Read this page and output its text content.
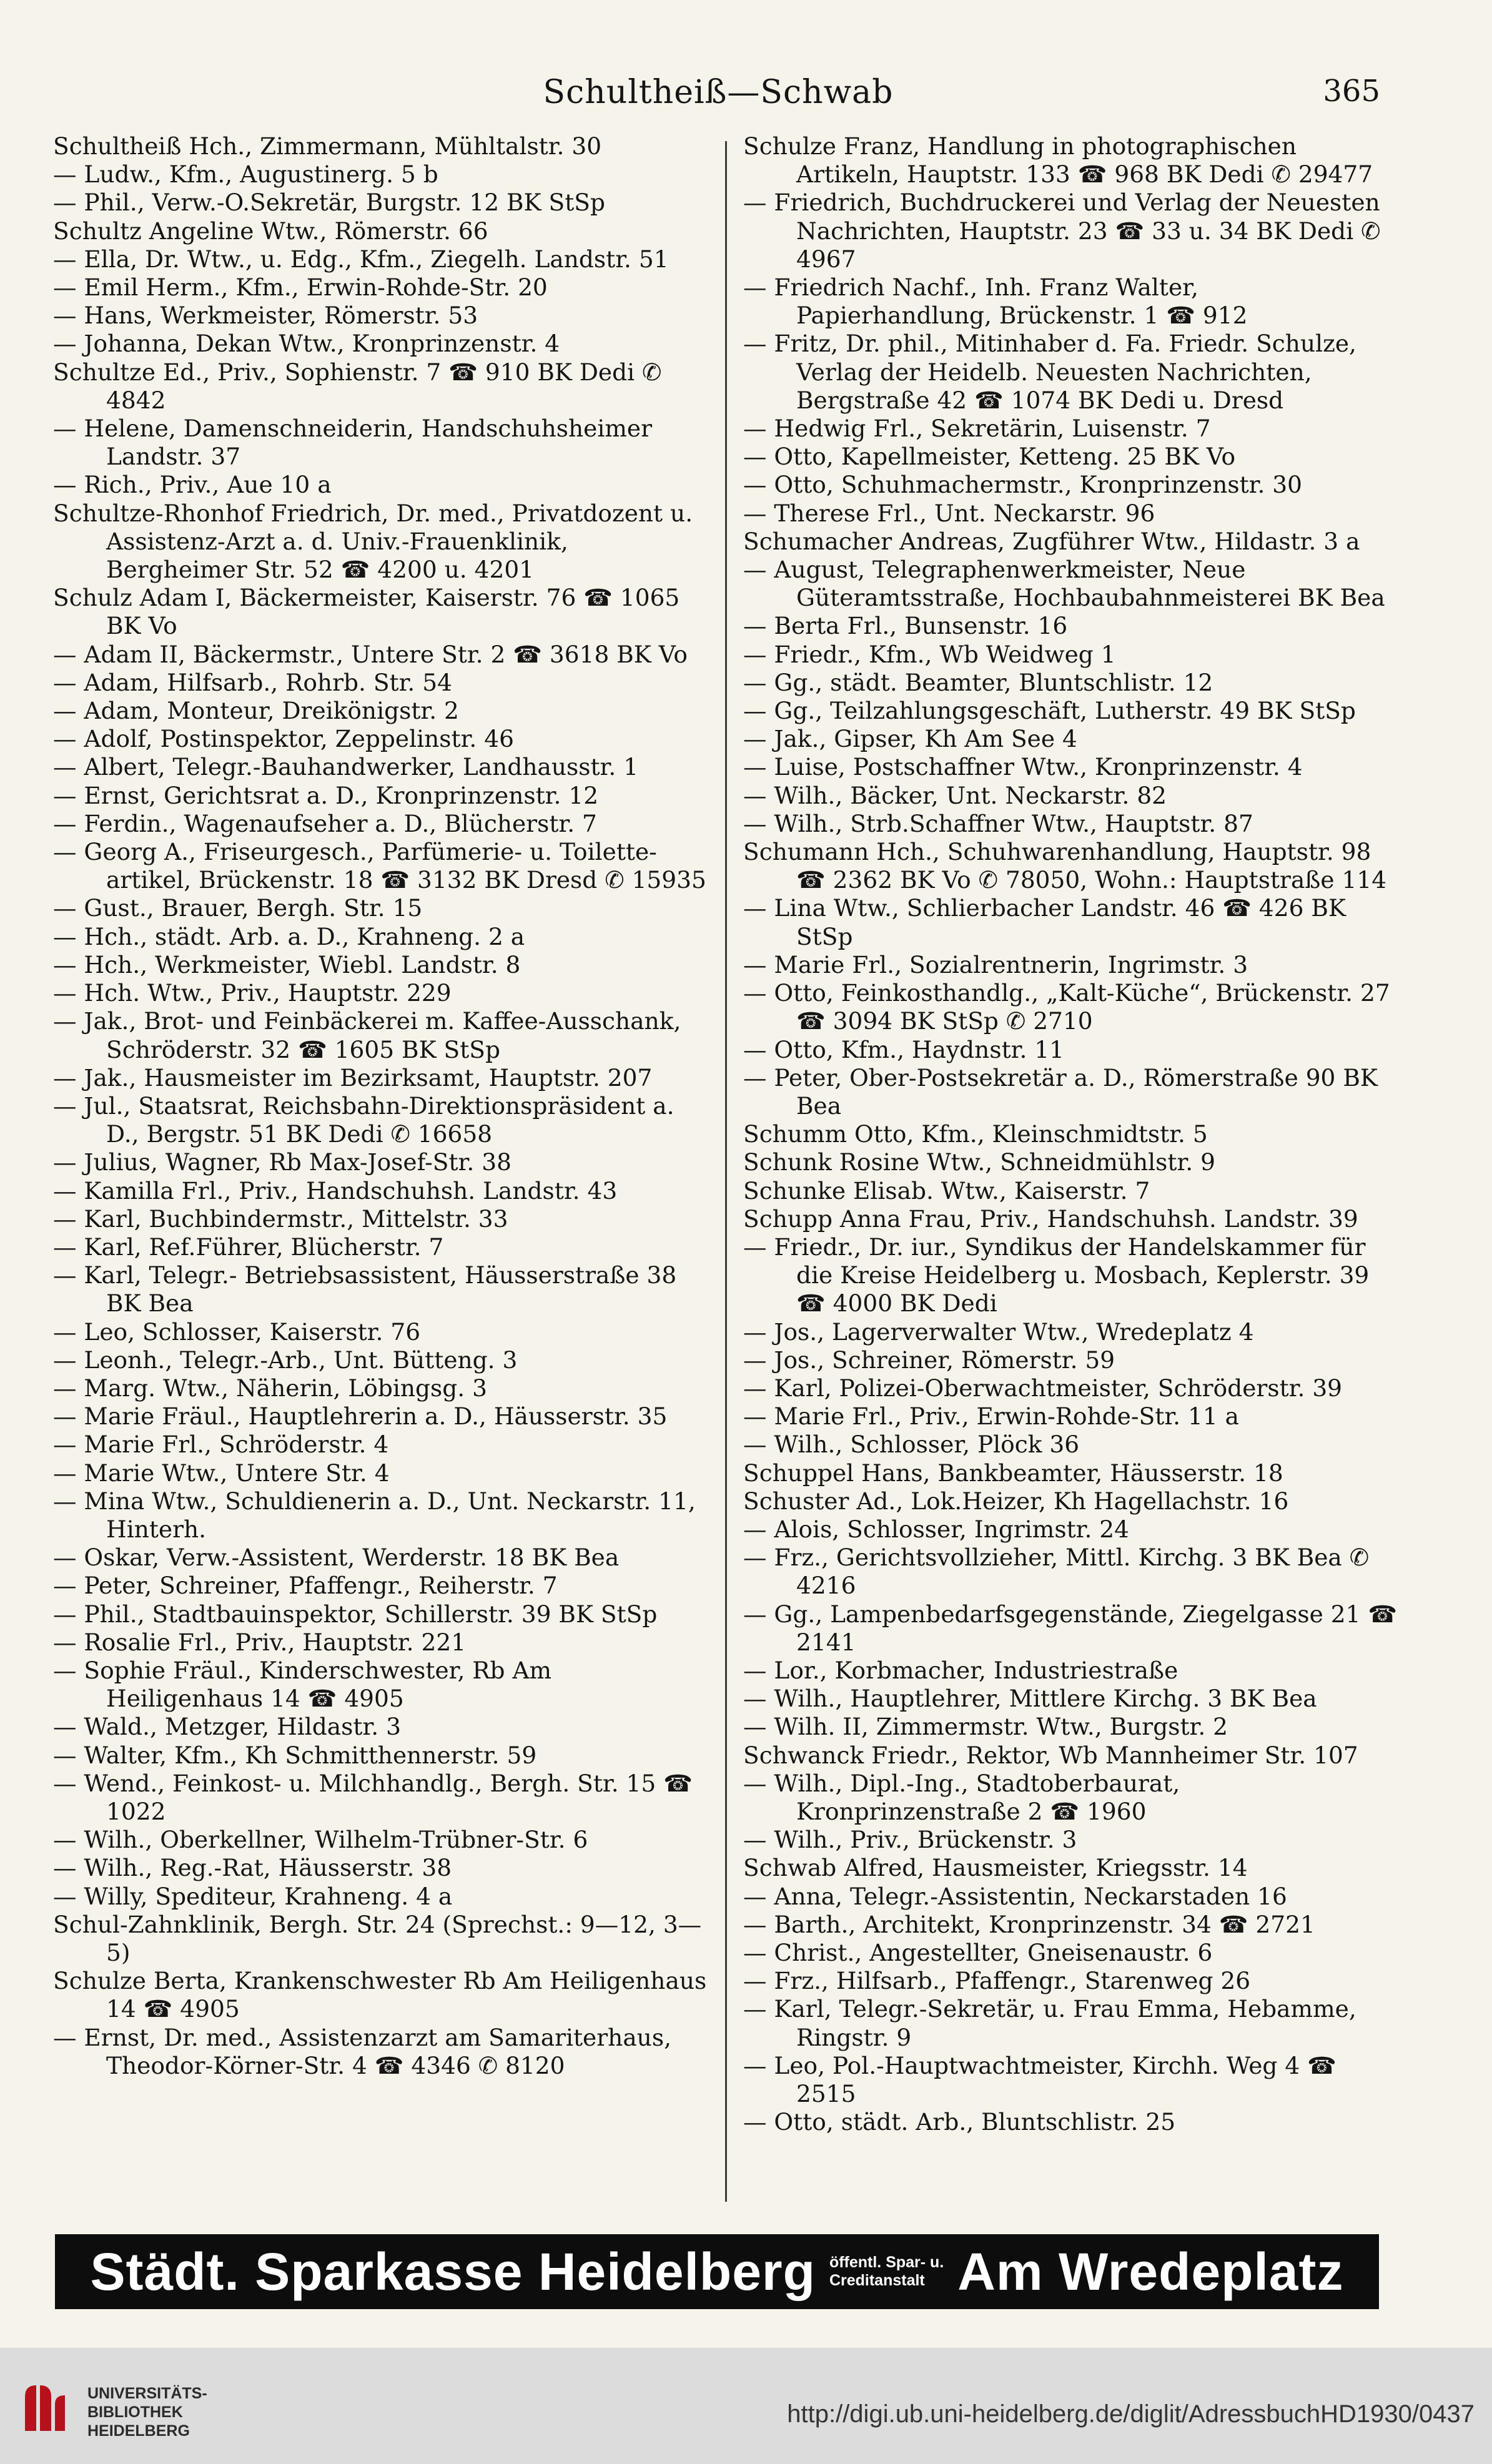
Schultheiß—Schwab	365
Schultheiß Hch., Zimmermann, Mühltalstr. 30
— Ludw., Kfm., Augustinerg. 5 b
— Phil., Verw.-O.Sekretär, Burgstr. 12 BK StSp
Schultz Angeline Wtw., Römerstr. 66
— Ella, Dr. Wtw., u. Edg., Kfm., Ziegelh. Landstr. 51
— Emil Herm., Kfm., Erwin-Rohde-Str. 20
— Hans, Werkmeister, Römerstr. 53
— Johanna, Dekan Wtw., Kronprinzenstr. 4
Schultze Ed., Priv., Sophienstr. 7 ☎ 910 BK Dedi ✆ 4842
— Helene, Damenschneiderin, Handschuhsheimer Landstr. 37
— Rich., Priv., Aue 10 a
Schultze-Rhonhof Friedrich, Dr. med., Privatdozent u. Assistenz-Arzt a. d. Univ.-Frauenklinik, Bergheimer Str. 52 ☎ 4200 u. 4201
Schulz Adam I, Bäckermeister, Kaiserstr. 76 ☎ 1065 BK Vo
— Adam II, Bäckermstr., Untere Str. 2 ☎ 3618 BK Vo
— Adam, Hilfsarb., Rohrb. Str. 54
— Adam, Monteur, Dreikönigstr. 2
— Adolf, Postinspektor, Zeppelinstr. 46
— Albert, Telegr.-Bauhandwerker, Landhausstr. 1
— Ernst, Gerichtsrat a. D., Kronprinzenstr. 12
— Ferdin., Wagenaufseher a. D., Blücherstr. 7
— Georg A., Friseurgesch., Parfümerie- u. Toilette-artikel, Brückenstr. 18 ☎ 3132 BK Dresd ✆ 15935
— Gust., Brauer, Bergh. Str. 15
— Hch., städt. Arb. a. D., Krahneng. 2 a
— Hch., Werkmeister, Wiebl. Landstr. 8
— Hch. Wtw., Priv., Hauptstr. 229
— Jak., Brot- und Feinbäckerei m. Kaffee-Ausschank, Schröderstr. 32 ☎ 1605 BK StSp
— Jak., Hausmeister im Bezirksamt, Hauptstr. 207
— Jul., Staatsrat, Reichsbahn-Direktionspräsident a. D., Bergstr. 51 BK Dedi ✆ 16658
— Julius, Wagner, Rb Max-Josef-Str. 38
— Kamilla Frl., Priv., Handschuhsh. Landstr. 43
— Karl, Buchbindermstr., Mittelstr. 33
— Karl, Ref.Führer, Blücherstr. 7
— Karl, Telegr.- Betriebsassistent, Häusserstraße 38 BK Bea
— Leo, Schlosser, Kaiserstr. 76
— Leonh., Telegr.-Arb., Unt. Bütteng. 3
— Marg. Wtw., Näherin, Löbingsg. 3
— Marie Fräul., Hauptlehrerin a. D., Häusserstr. 35
— Marie Frl., Schröderstr. 4
— Marie Wtw., Untere Str. 4
— Mina Wtw., Schuldienerin a. D., Unt. Neckarstr. 11, Hinterh.
— Oskar, Verw.-Assistent, Werderstr. 18 BK Bea
— Peter, Schreiner, Pfaffengr., Reiherstr. 7
— Phil., Stadtbauinspektor, Schillerstr. 39 BK StSp
— Rosalie Frl., Priv., Hauptstr. 221
— Sophie Fräul., Kinderschwester, Rb Am Heiligenhaus 14 ☎ 4905
— Wald., Metzger, Hildastr. 3
— Walter, Kfm., Kh Schmitthennerstr. 59
— Wend., Feinkost- u. Milchhandlg., Bergh. Str. 15 ☎ 1022
— Wilh., Oberkellner, Wilhelm-Trübner-Str. 6
— Wilh., Reg.-Rat, Häusserstr. 38
— Willy, Spediteur, Krahneng. 4 a
Schul-Zahnklinik, Bergh. Str. 24 (Sprechst.: 9—12, 3—5)
Schulze Berta, Krankenschwester Rb Am Heiligenhaus 14 ☎ 4905
— Ernst, Dr. med., Assistenzarzt am Samariterhaus, Theodor-Körner-Str. 4 ☎ 4346 ✆ 8120
Schulze Franz, Handlung in photographischen Artikeln, Hauptstr. 133 ☎ 968 BK Dedi ✆ 29477
— Friedrich, Buchdruckerei und Verlag der Neuesten Nachrichten, Hauptstr. 23 ☎ 33 u. 34 BK Dedi ✆ 4967
— Friedrich Nachf., Inh. Franz Walter, Papierhandlung, Brückenstr. 1 ☎ 912
— Fritz, Dr. phil., Mitinhaber d. Fa. Friedr. Schulze, Verlag der Heidelb. Neuesten Nachrichten, Bergstraße 42 ☎ 1074 BK Dedi u. Dresd
— Hedwig Frl., Sekretärin, Luisenstr. 7
— Otto, Kapellmeister, Ketteng. 25 BK Vo
— Otto, Schuhmachermstr., Kronprinzenstr. 30
— Therese Frl., Unt. Neckarstr. 96
Schumacher Andreas, Zugführer Wtw., Hildastr. 3 a
— August, Telegraphenwerkmeister, Neue Güteramtsstraße, Hochbaubahnmeisterei BK Bea
— Berta Frl., Bunsenstr. 16
— Friedr., Kfm., Wb Weidweg 1
— Gg., städt. Beamter, Bluntschlistr. 12
— Gg., Teilzahlungsgeschäft, Lutherstr. 49 BK StSp
— Jak., Gipser, Kh Am See 4
— Luise, Postschaffner Wtw., Kronprinzenstr. 4
— Wilh., Bäcker, Unt. Neckarstr. 82
— Wilh., Strb.Schaffner Wtw., Hauptstr. 87
Schumann Hch., Schuhwarenhandlung, Hauptstr. 98 ☎ 2362 BK Vo ✆ 78050, Wohn.: Hauptstraße 114
— Lina Wtw., Schlierbacher Landstr. 46 ☎ 426 BK StSp
— Marie Frl., Sozialrentnerin, Ingrimstr. 3
— Otto, Feinkosthandlg., „Kalt-Küche“, Brückenstr. 27 ☎ 3094 BK StSp ✆ 2710
— Otto, Kfm., Haydnstr. 11
— Peter, Ober-Postsekretär a. D., Römerstraße 90 BK Bea
Schumm Otto, Kfm., Kleinschmidtstr. 5
Schunk Rosine Wtw., Schneidmühlstr. 9
Schunke Elisab. Wtw., Kaiserstr. 7
Schupp Anna Frau, Priv., Handschuhsh. Landstr. 39
— Friedr., Dr. iur., Syndikus der Handelskammer für die Kreise Heidelberg u. Mosbach, Keplerstr. 39 ☎ 4000 BK Dedi
— Jos., Lagerverwalter Wtw., Wredeplatz 4
— Jos., Schreiner, Römerstr. 59
— Karl, Polizei-Oberwachtmeister, Schröderstr. 39
— Marie Frl., Priv., Erwin-Rohde-Str. 11 a
— Wilh., Schlosser, Plöck 36
Schuppel Hans, Bankbeamter, Häusserstr. 18
Schuster Ad., Lok.Heizer, Kh Hagellachstr. 16
— Alois, Schlosser, Ingrimstr. 24
— Frz., Gerichtsvollzieher, Mittl. Kirchg. 3 BK Bea ✆ 4216
— Gg., Lampenbedarfsgegenstände, Ziegelgasse 21 ☎ 2141
— Lor., Korbmacher, Industriestraße
— Wilh., Hauptlehrer, Mittlere Kirchg. 3 BK Bea
— Wilh. II, Zimmermstr. Wtw., Burgstr. 2
Schwanck Friedr., Rektor, Wb Mannheimer Str. 107
— Wilh., Dipl.-Ing., Stadtoberbaurat, Kronprinzenstraße 2 ☎ 1960
— Wilh., Priv., Brückenstr. 3
Schwab Alfred, Hausmeister, Kriegsstr. 14
— Anna, Telegr.-Assistentin, Neckarstaden 16
— Barth., Architekt, Kronprinzenstr. 34 ☎ 2721
— Christ., Angestellter, Gneisenaustr. 6
— Frz., Hilfsarb., Pfaffengr., Starenweg 26
— Karl, Telegr.-Sekretär, u. Frau Emma, Hebamme, Ringstr. 9
— Leo, Pol.-Hauptwachtmeister, Kirchh. Weg 4 ☎ 2515
— Otto, städt. Arb., Bluntschlistr. 25
Städt. Sparkasse Heidelberg öffentl. Spar- u.
Creditanstalt Am Wredeplatz
UNIVERSITÄTS-
BIBLIOTHEK
HEIDELBERG
http://digi.ub.uni-heidelberg.de/diglit/AdressbuchHD1930/0437
